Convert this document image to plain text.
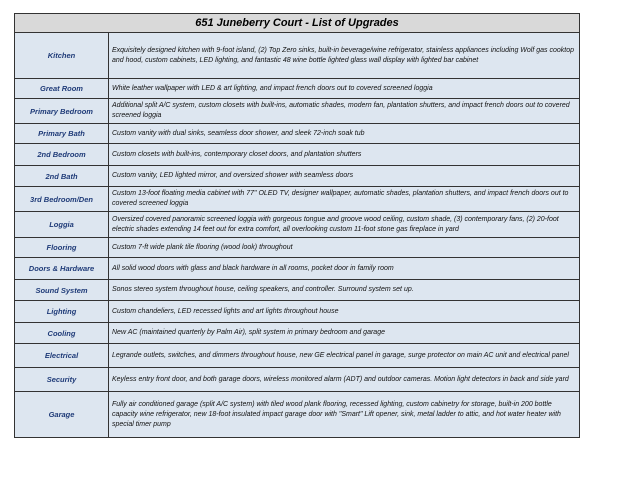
651 Juneberry Court - List of Upgrades	
Kitchen	Exquisitely designed kitchen with 9-foot island, (2) Top Zero sinks, built-in beverage/wine refrigerator, stainless appliances including Wolf gas cooktop and hood, custom cabinets, LED lighting, and fantastic 48 wine bottle lighted glass wall display with lighted bar cabinet
Great Room	White leather wallpaper with LED & art lighting, and impact french doors out to covered screened loggia
Primary Bedroom	Additional split A/C system, custom closets with built-ins, automatic shades, modern fan, plantation shutters, and impact french doors out to covered screened loggia
Primary Bath	Custom vanity with dual sinks, seamless door shower, and sleek 72-inch soak tub
2nd Bedroom	Custom closets with built-ins, contemporary closet doors, and plantation shutters
2nd Bath	Custom vanity, LED lighted mirror, and oversized shower with seamless doors
3rd Bedroom/Den	Custom 13-foot floating media cabinet with 77" OLED TV, designer wallpaper, automatic shades, plantation shutters, and impact french doors out to covered screened loggia
Loggia	Oversized covered panoramic screened loggia with gorgeous tongue and groove wood ceiling, custom shade, (3) contemporary fans, (2) 20-foot electric shades extending 14 feet out for extra comfort, all overlooking custom 11-foot stone gas fireplace in yard
Flooring	Custom 7-ft wide plank tile flooring (wood look) throughout
Doors & Hardware	All solid wood doors with glass and black hardware in all rooms, pocket door in family room
Sound System	Sonos stereo system throughout house, ceiling speakers, and controller. Surround system set up.
Lighting	Custom chandeliers, LED recessed lights and art lights throughout house
Cooling	New AC (maintained quarterly by Palm Air), split system in primary bedroom and garage
Electrical	Legrande outlets, switches, and dimmers throughout house, new GE electrical panel in garage, surge protector on main AC unit and electrical panel
Security	Keyless entry front door, and both garage doors, wireless monitored alarm (ADT) and outdoor cameras. Motion light detectors in back and side yard
Garage	Fully air conditioned garage (split A/C system) with tiled wood plank flooring, recessed lighting, custom cabinetry for storage, built-in 200 bottle capacity wine refrigerator, new 18-foot insulated impact garage door with "Smart" Lift opener, sink, metal ladder to attic, and hot water heater with special timer pump
